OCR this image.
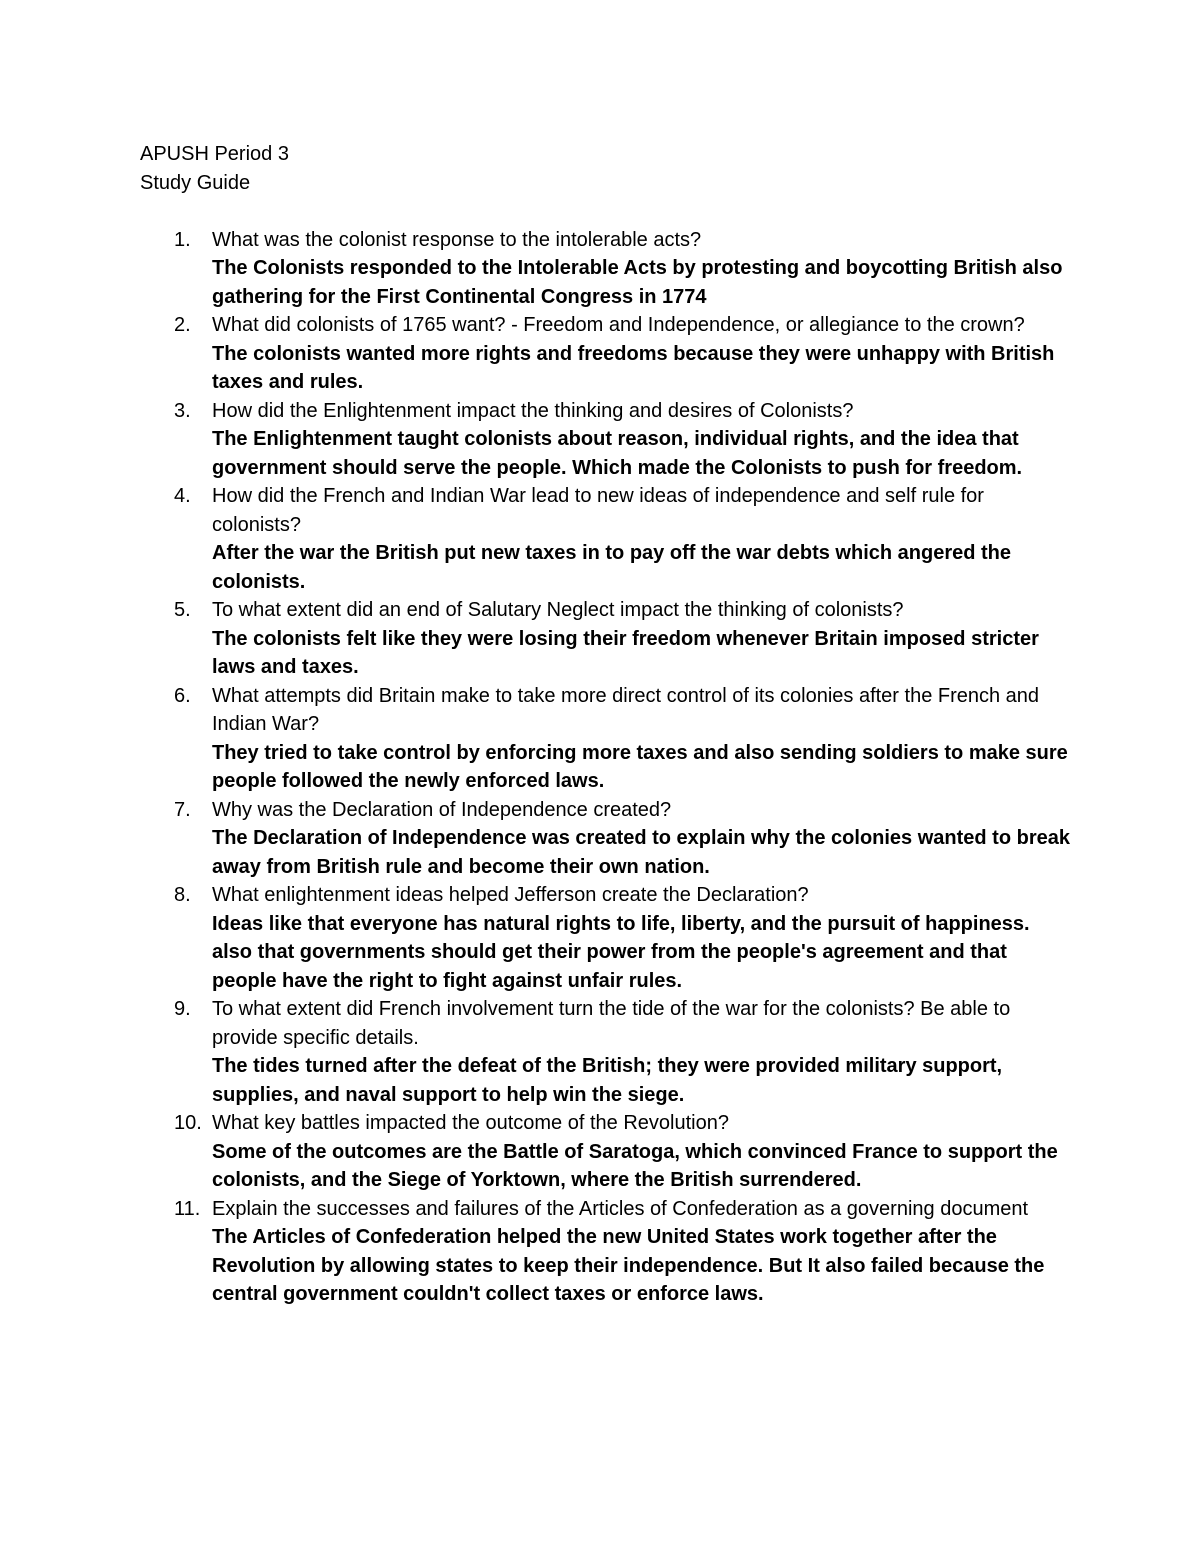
APUSH Period 3

Study Guide

1. What was the colonist response to the intolerable acts?

The Colonists responded to the Intolerable Acts by protesting and boycotting British also gathering for the First Continental Congress in 1774

2. What did colonists of 1765 want? - Freedom and Independence, or allegiance to the crown?

The colonists wanted more rights and freedoms because they were unhappy with British taxes and rules.

3. How did the Enlightenment impact the thinking and desires of Colonists?

The Enlightenment taught colonists about reason, individual rights, and the idea that government should serve the people. Which made the Colonists to push for freedom.

4. How did the French and Indian War lead to new ideas of independence and self rule for colonists?

After the war the British put new taxes in to pay off the war debts which angered the colonists.

5. To what extent did an end of Salutary Neglect impact the thinking of colonists?

The colonists felt like they were losing their freedom whenever Britain imposed stricter laws and taxes.

6. What attempts did Britain make to take more direct control of its colonies after the French and Indian War?

They tried to take control by enforcing more taxes and also sending soldiers to make sure people followed the newly enforced laws.

7. Why was the Declaration of Independence created?

The Declaration of Independence was created to explain why the colonies wanted to break away from British rule and become their own nation.

8. What enlightenment ideas helped Jefferson create the Declaration?

Ideas like that everyone has natural rights to life, liberty, and the pursuit of happiness. also that governments should get their power from the people's agreement and that people have the right to fight against unfair rules.

9. To what extent did French involvement turn the tide of the war for the colonists? Be able to provide specific details.

The tides turned after the defeat of the British; they were provided military support, supplies, and naval support to help win the siege.

10. What key battles impacted the outcome of the Revolution?

Some of the outcomes are the Battle of Saratoga, which convinced France to support the colonists, and the Siege of Yorktown, where the British surrendered.

11. Explain the successes and failures of the Articles of Confederation as a governing document

The Articles of Confederation helped the new United States work together after the Revolution by allowing states to keep their independence. But It also failed because the central government couldn't collect taxes or enforce laws.
